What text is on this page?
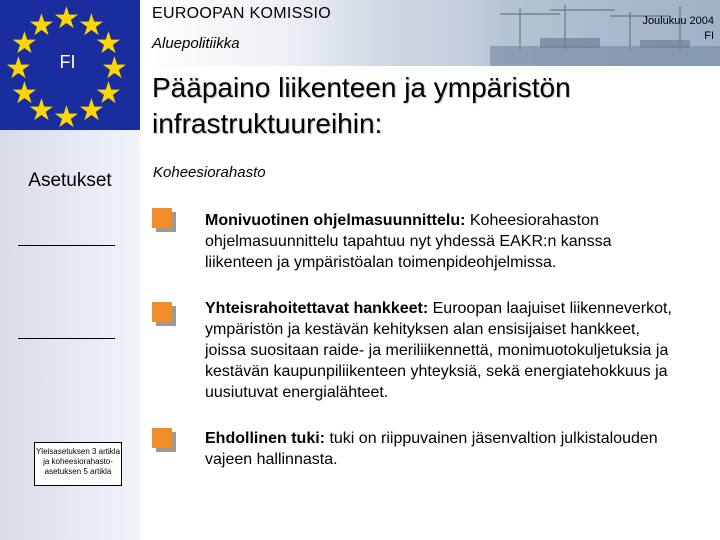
★
★
★
★
★
★
★
★
★
★
★
★
FI
Asetukset
Yleisasetuksen 3 artikla
ja koheesiorahasto-
asetuksen 5 artikla
EUROOPAN KOMISSIO
Aluepolitiikka
Joulukuu 2004
FI
Pääpaino liikenteen ja ympäristön
infrastruktuureihin:
Koheesiorahasto
Monivuotinen ohjelmasuunnittelu: Koheesiorahaston ohjelmasuunnittelu tapahtuu nyt yhdessä EAKR:n kanssa liikenteen ja ympäristöalan toimenpideohjelmissa.
Yhteisrahoitettavat hankkeet: Euroopan laajuiset liikenneverkot, ympäristön ja kestävän kehityksen alan ensisijaiset hankkeet, joissa suositaan raide- ja meriliikennettä, monimuotokuljetuksia ja kestävän kaupunpiliikenteen yhteyksiä, sekä energiatehokkuus ja uusiutuvat energialähteet.
Ehdollinen tuki: tuki on riippuvainen jäsenvaltion julkistalouden vajeen hallinnasta.
